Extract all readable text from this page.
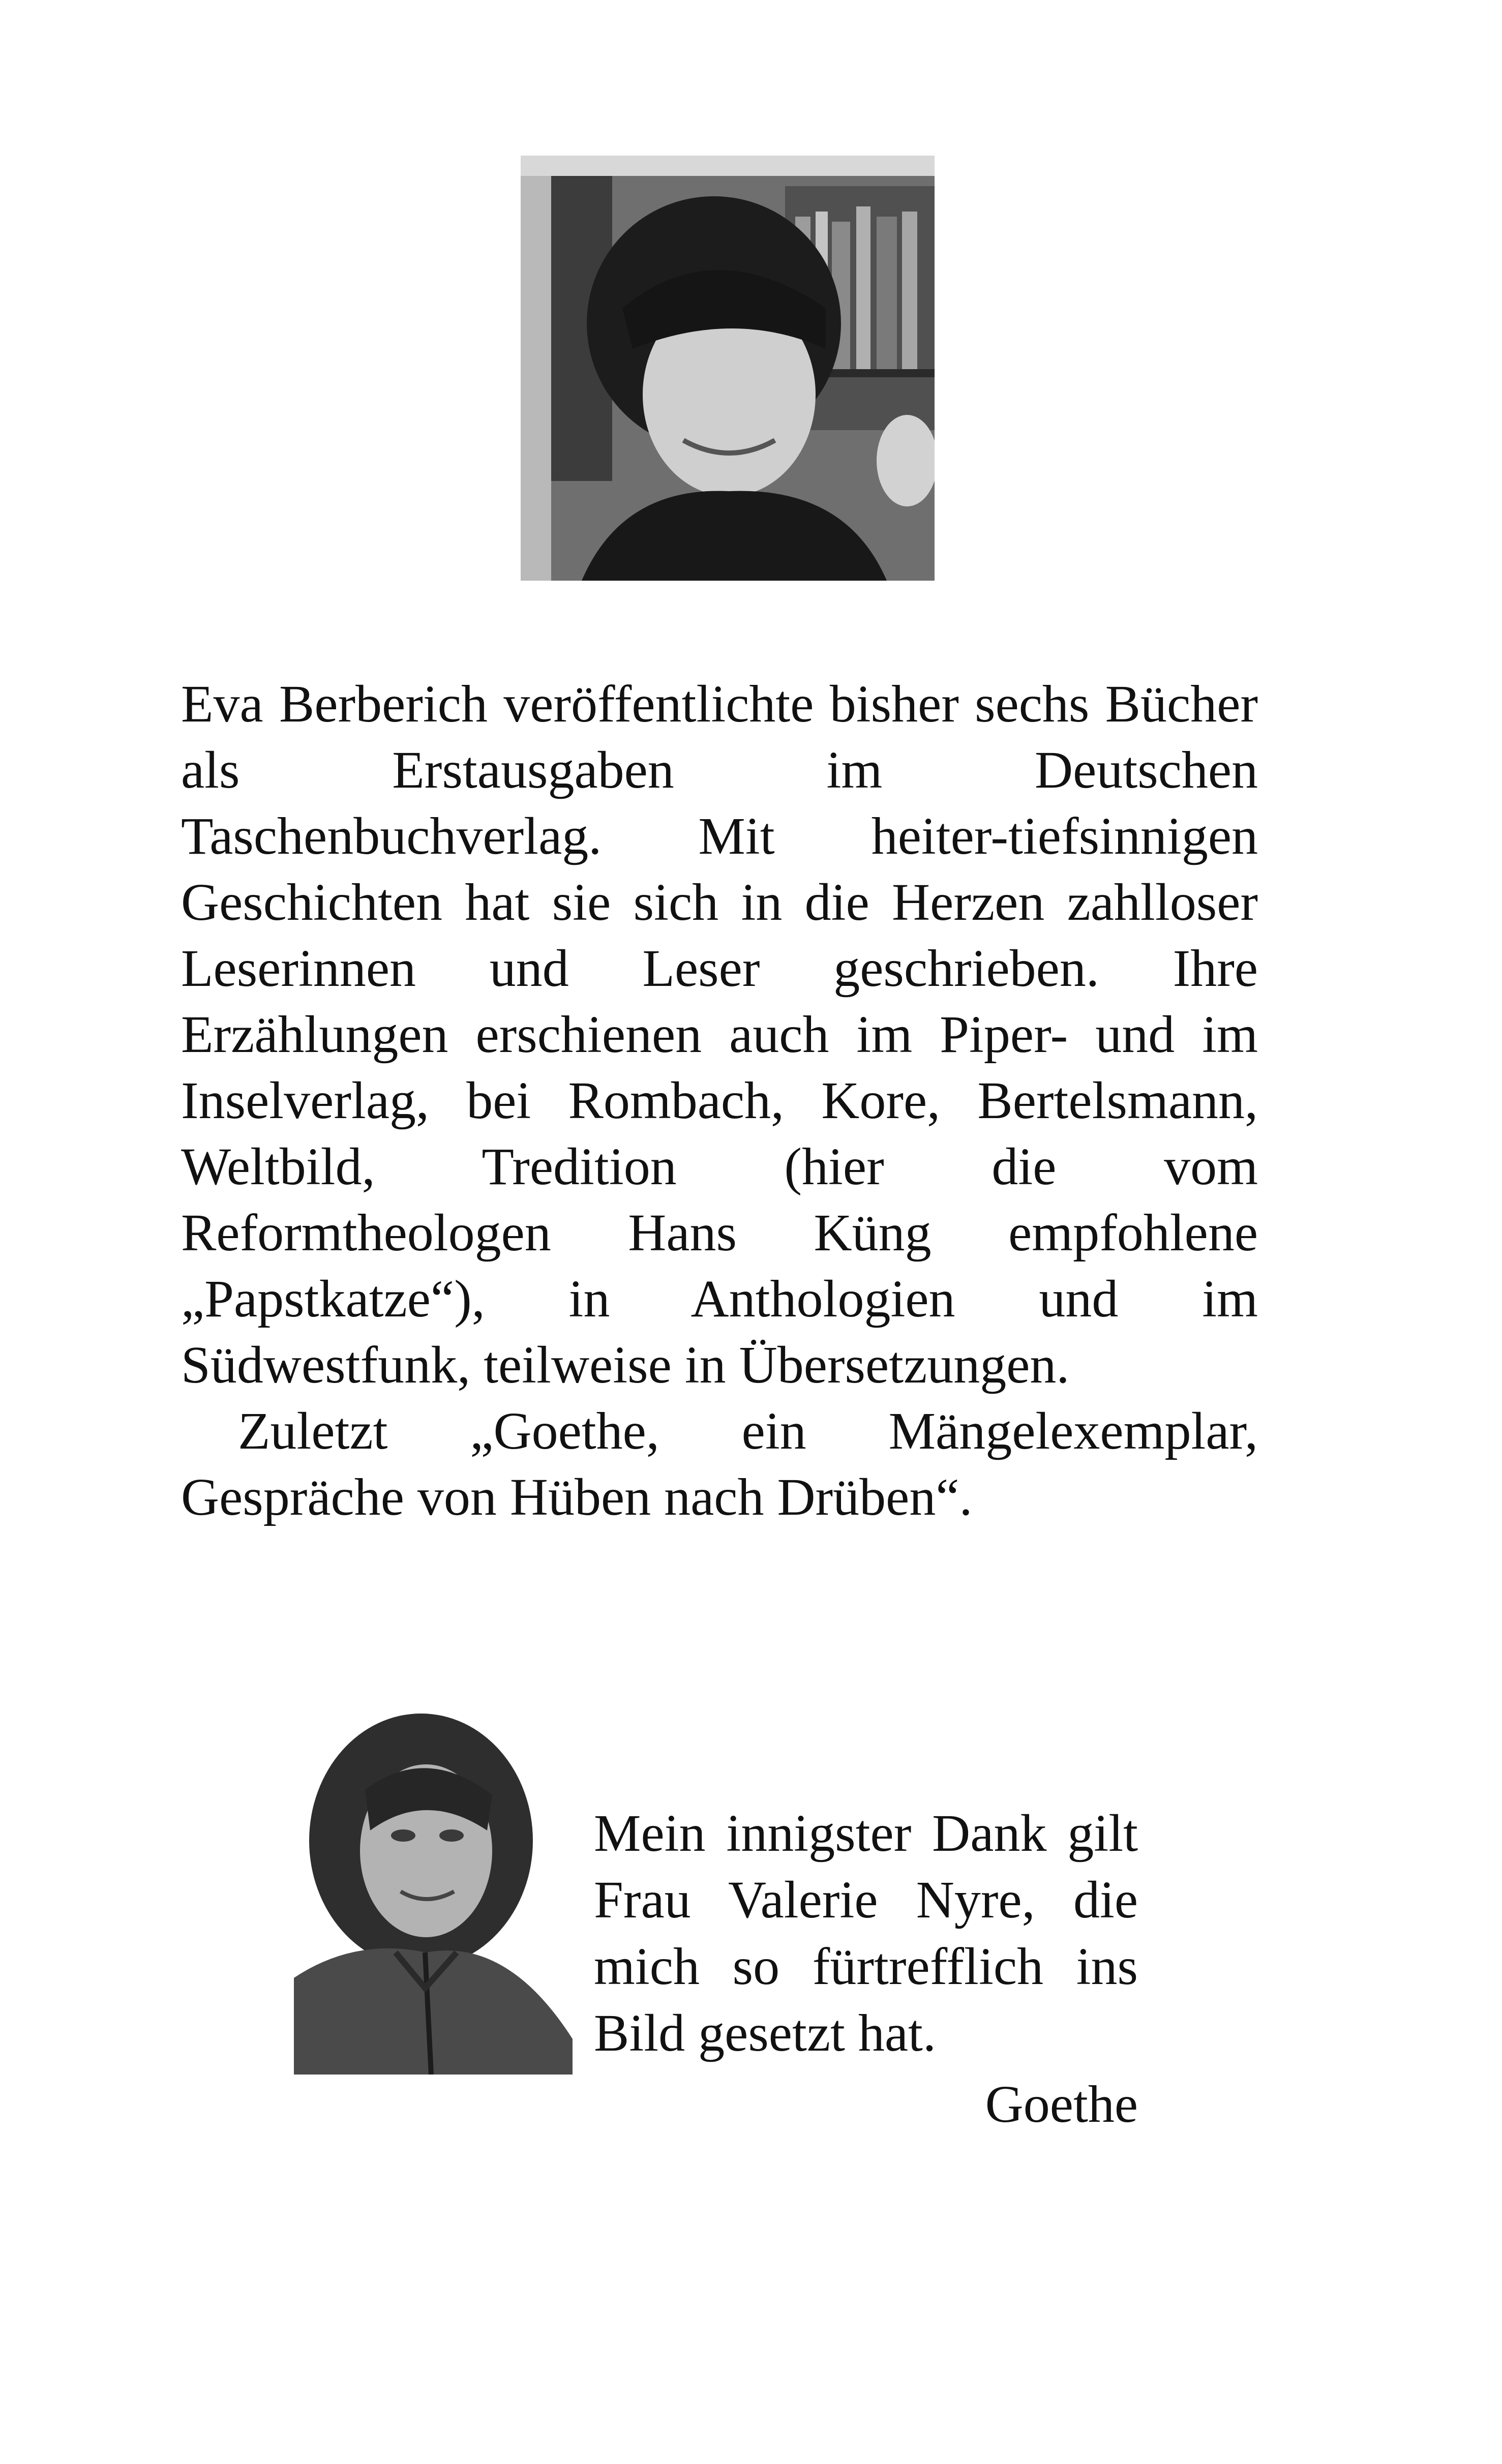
Eva Berberich veröffentlichte bisher sechs Bücher als Erstausgaben im Deutschen Taschenbuchverlag. Mit heiter-tiefsinnigen Geschichten hat sie sich in die Herzen zahlloser Leserinnen und Leser geschrieben. Ihre Erzählungen erschienen auch im Piper- und im Inselverlag, bei Rombach, Kore, Bertelsmann, Weltbild, Tredition (hier die vom Reformtheologen Hans Küng empfohlene „Papstkatze“), in Anthologien und im Südwestfunk, teilweise in Übersetzungen.

Zuletzt „Goethe, ein Mängelexemplar, Gespräche von Hüben nach Drüben“.

Mein innigster Dank gilt Frau Valerie Nyre, die mich so fürtrefflich ins Bild gesetzt hat.

Goethe
